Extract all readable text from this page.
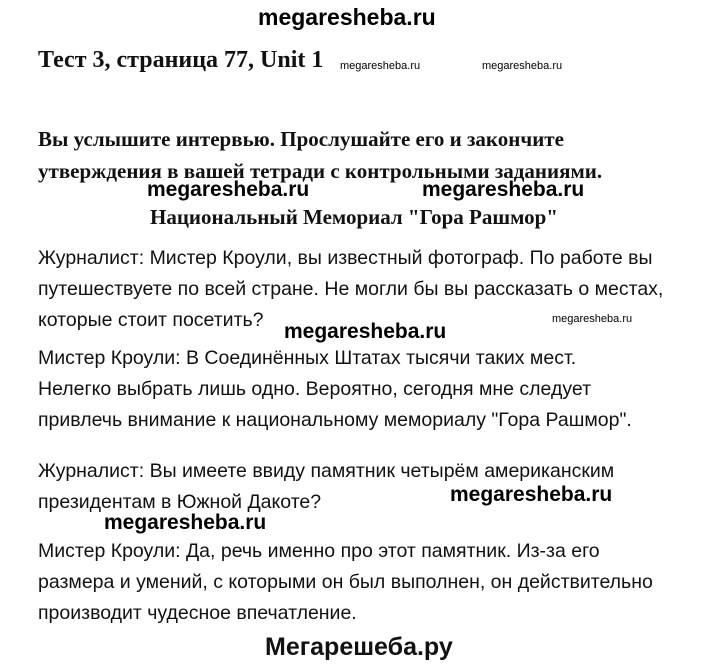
megaresheba.ru
Тест 3, страница 77, Unit 1 megaresheba.ru	megaresheba.ru
Вы услышите интервью. Прослушайте его и закончите
утверждения в вашей тетради с контрольными заданиями.
megaresheba.ru	megaresheba.ru
Национальный Мемориал "Гора Рашмор"
Журналист: Мистер Кроули, вы известный фотограф. По работе вы
путешествуете по всей стране. Не могли бы вы рассказать о местах,
которые стоит посетить? megaresheba.ru
megaresheba.ru
Мистер Кроули: В Соединённых Штатах тысячи таких мест.
Нелегко выбрать лишь одно. Вероятно, сегодня мне следует
привлечь внимание к национальному мемориалу "Гора Рашмор".
Журналист: Вы имеете ввиду памятник четырём американским
президентам в Южной Дакоте?	megaresheba.ru
megaresheba.ru
Мистер Кроули: Да, речь именно про этот памятник. Из-за его
размера и умений, с которыми он был выполнен, он действительно
производит чудесное впечатление.
Мегарешеба.ру
